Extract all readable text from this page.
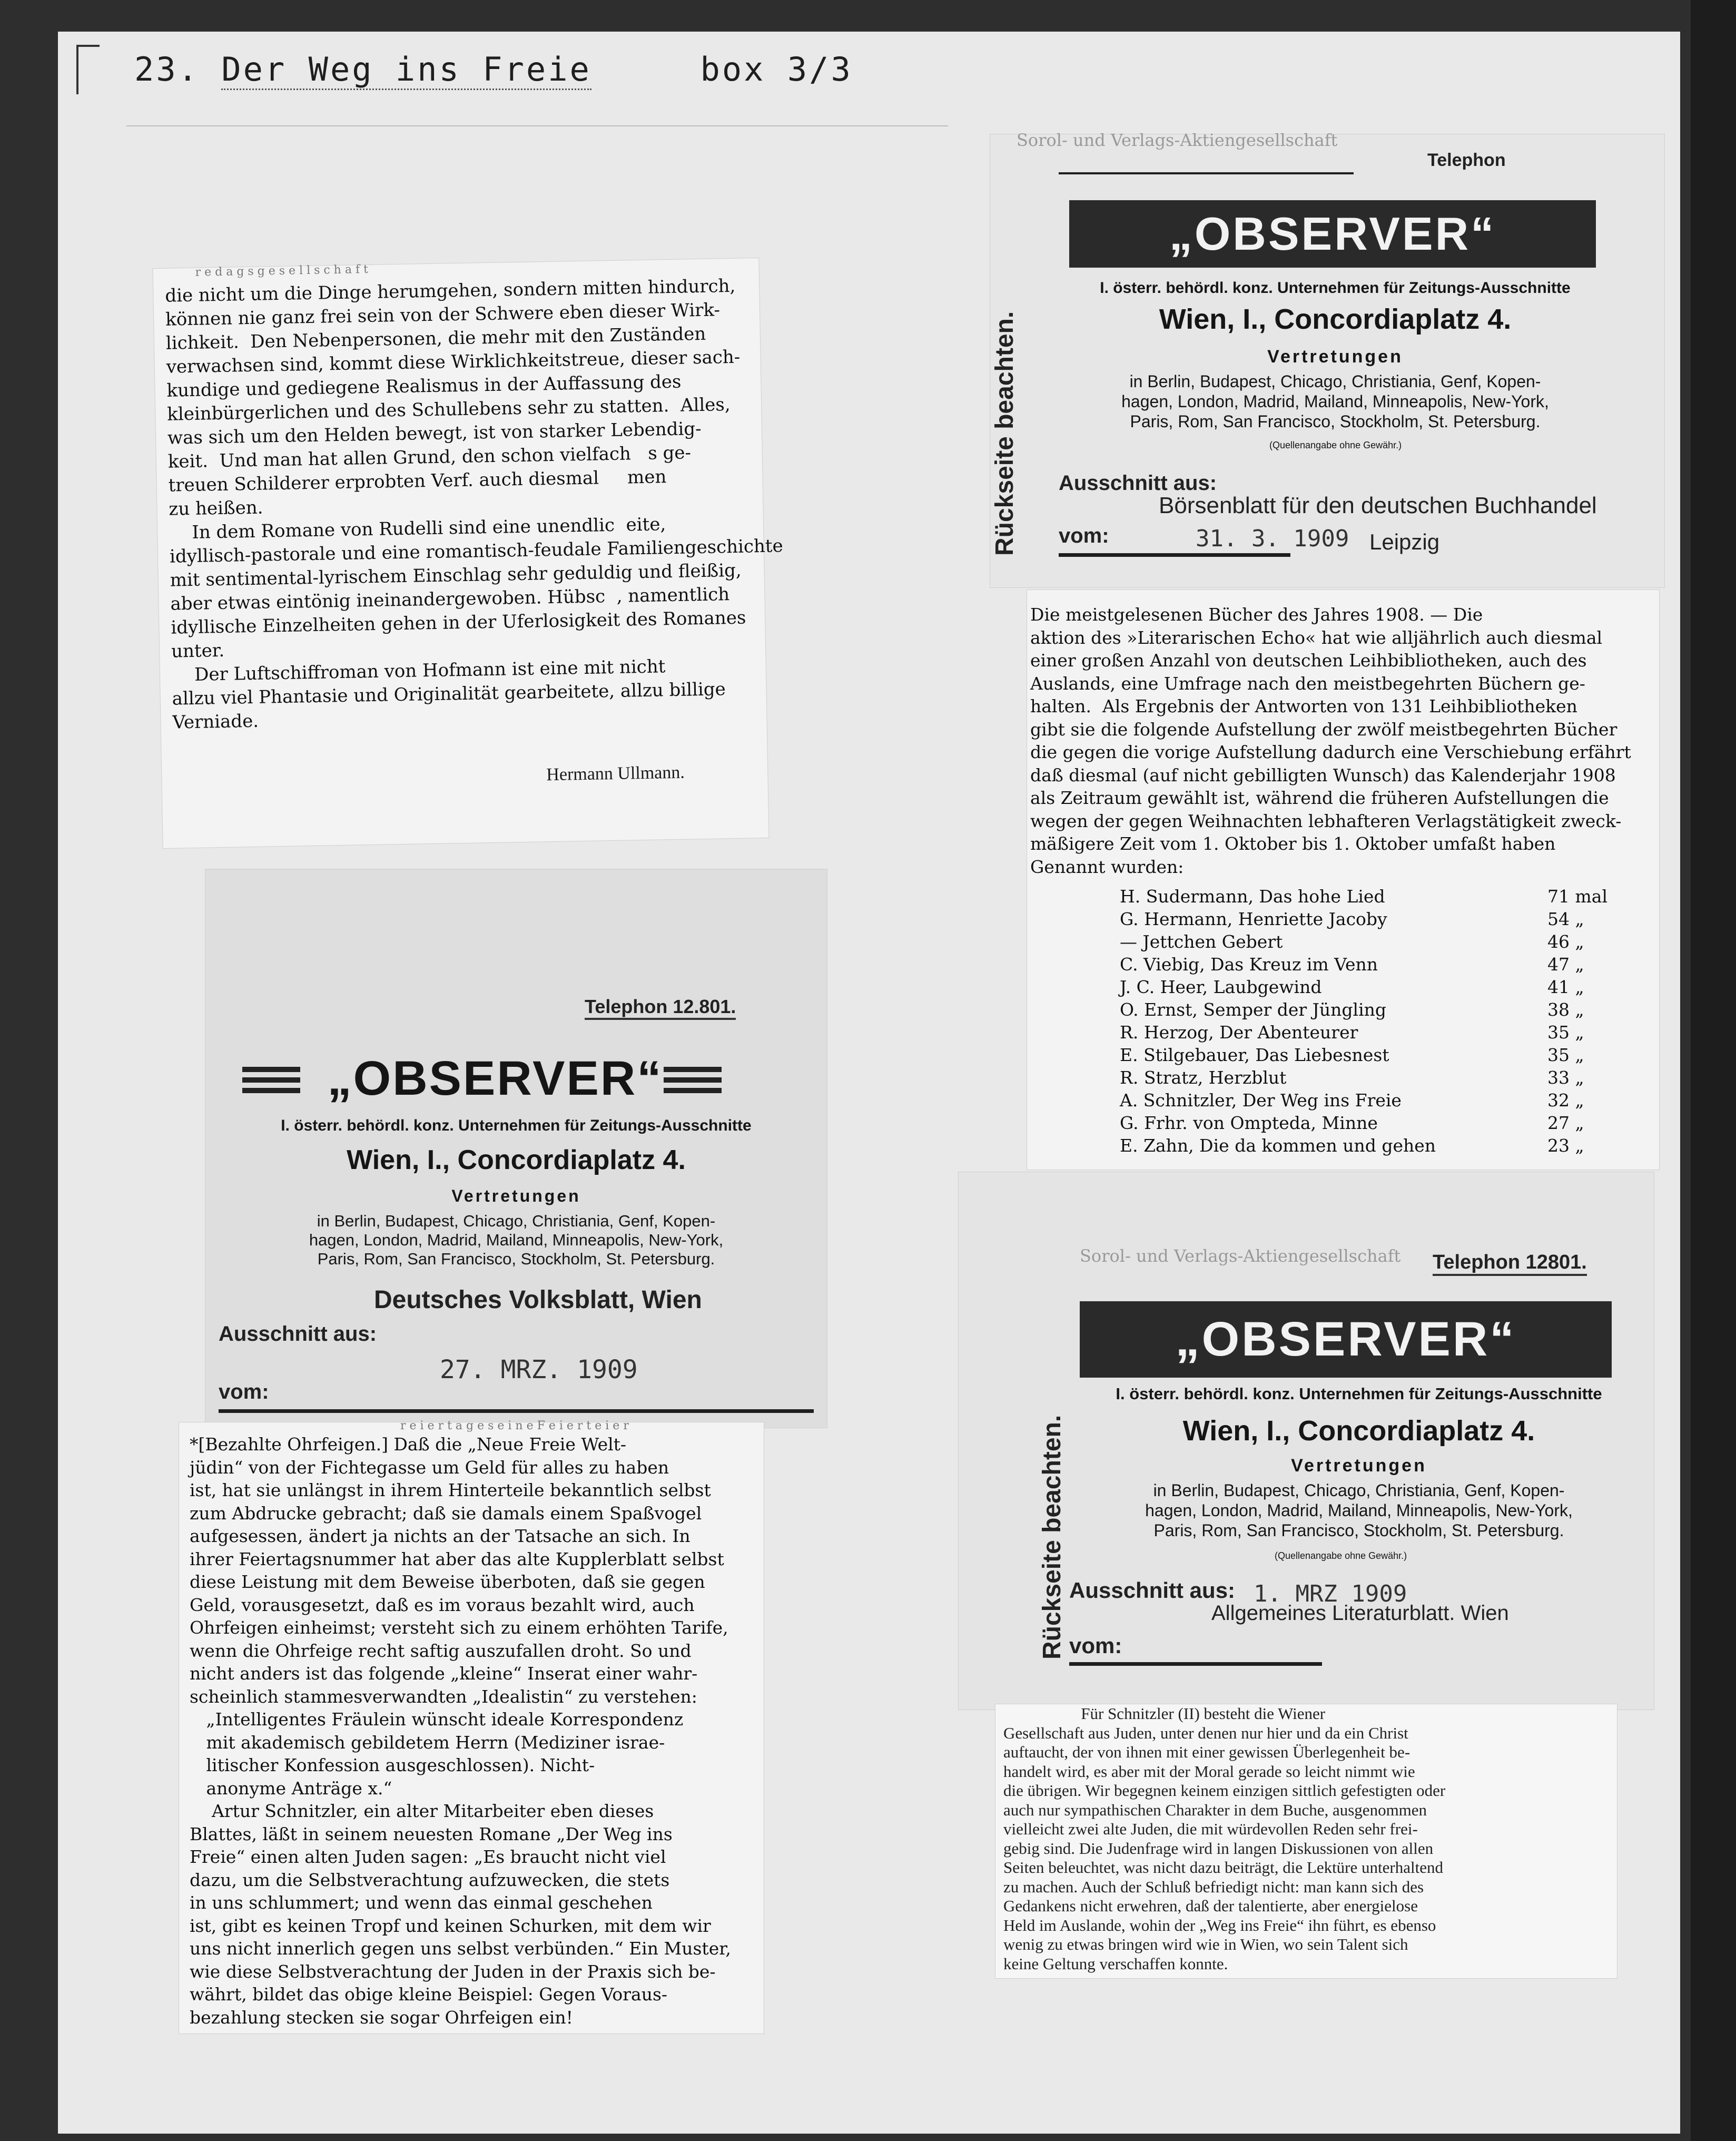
23. Der Weg ins Freie	box 3/3
r e d a g s g e s e l l s c h a f t
die nicht um die Dinge herumgehen, sondern mitten hindurch,
können nie ganz frei sein von der Schwere eben dieser Wirk-
lichkeit.  Den Nebenpersonen, die mehr mit den Zuständen
verwachsen sind, kommt diese Wirklichkeitstreue, dieser sach-
kundige und gediegene Realismus in der Auffassung des
kleinbürgerlichen und des Schullebens sehr zu statten.  Alles,
was sich um den Helden bewegt, ist von starker Lebendig-
keit.  Und man hat allen Grund, den schon vielfach   s ge-
treuen Schilderer erprobten Verf. auch diesmal     men
zu heißen.
In dem Romane von Rudelli sind eine unendlic  eite,
idyllisch-pastorale und eine romantisch-feudale Familiengeschichte
mit sentimental-lyrischem Einschlag sehr geduldig und fleißig,
aber etwas eintönig ineinandergewoben. Hübsc  , namentlich
idyllische Einzelheiten gehen in der Uferlosigkeit des Romanes
unter.
Der Luftschiffroman von Hofmann ist eine mit nicht
allzu viel Phantasie und Originalität gearbeitete, allzu billige
Verniade.
Hermann Ullmann.
Telephon 12.801.
„OBSERVER“
I. österr. behördl. konz. Unternehmen für Zeitungs-Ausschnitte
Wien, I., Concordiaplatz 4.
Vertretungen
in Berlin, Budapest, Chicago, Christiania, Genf, Kopen-
hagen, London, Madrid, Mailand, Minneapolis, New-York,
Paris, Rom, San Francisco, Stockholm, St. Petersburg.
Deutsches Volksblatt, Wien
Ausschnitt aus:
27. MRZ. 1909
vom:
r e i e r t a g e s e i n e F e i e r t e i e r
*[Bezahlte Ohrfeigen.] Daß die „Neue Freie Welt-
jüdin“ von der Fichtegasse um Geld für alles zu haben
ist, hat sie unlängst in ihrem Hinterteile bekanntlich selbst
zum Abdrucke gebracht; daß sie damals einem Spaßvogel
aufgesessen, ändert ja nichts an der Tatsache an sich. In
ihrer Feiertagsnummer hat aber das alte Kupplerblatt selbst
diese Leistung mit dem Beweise überboten, daß sie gegen
Geld, vorausgesetzt, daß es im voraus bezahlt wird, auch
Ohrfeigen einheimst; versteht sich zu einem erhöhten Tarife,
wenn die Ohrfeige recht saftig auszufallen droht. So und
nicht anders ist das folgende „kleine“ Inserat einer wahr-
scheinlich stammesverwandten „Idealistin“ zu verstehen:
„Intelligentes Fräulein wünscht ideale Korrespondenz
mit akademisch gebildetem Herrn (Mediziner israe-
litischer Konfession ausgeschlossen). Nicht-
anonyme Anträge x.“
Artur Schnitzler, ein alter Mitarbeiter eben dieses
Blattes, läßt in seinem neuesten Romane „Der Weg ins
Freie“ einen alten Juden sagen: „Es braucht nicht viel
dazu, um die Selbstverachtung aufzuwecken, die stets
in uns schlummert; und wenn das einmal geschehen
ist, gibt es keinen Tropf und keinen Schurken, mit dem wir
uns nicht innerlich gegen uns selbst verbünden.“ Ein Muster,
wie diese Selbstverachtung der Juden in der Praxis sich be-
währt, bildet das obige kleine Beispiel: Gegen Voraus-
bezahlung stecken sie sogar Ohrfeigen ein!
Sorol- und Verlags-Aktiengesellschaft
Telephon
Rückseite beachten.
„OBSERVER“
I. österr. behördl. konz. Unternehmen für Zeitungs-Ausschnitte
Wien, I., Concordiaplatz 4.
Vertretungen
in Berlin, Budapest, Chicago, Christiania, Genf, Kopen-
hagen, London, Madrid, Mailand, Minneapolis, New-York,
Paris, Rom, San Francisco, Stockholm, St. Petersburg.
(Quellenangabe ohne Gewähr.)
Ausschnitt aus:
Börsenblatt für den deutschen Buchhandel
vom:	31. 3. 1909 Leipzig
Die meistgelesenen Bücher des Jahres 1908. — Die
aktion des »Literarischen Echo« hat wie alljährlich auch diesmal
einer großen Anzahl von deutschen Leihbibliotheken, auch des
Auslands, eine Umfrage nach den meistbegehrten Büchern ge-
halten.  Als Ergebnis der Antworten von 131 Leihbibliotheken
gibt sie die folgende Aufstellung der zwölf meistbegehrten Bücher
die gegen die vorige Aufstellung dadurch eine Verschiebung erfährt
daß diesmal (auf nicht gebilligten Wunsch) das Kalenderjahr 1908
als Zeitraum gewählt ist, während die früheren Aufstellungen die
wegen der gegen Weihnachten lebhafteren Verlagstätigkeit zweck-
mäßigere Zeit vom 1. Oktober bis 1. Oktober umfaßt haben
Genannt wurden:
H. Sudermann, Das hohe Lied	71 mal
G. Hermann, Henriette Jacoby	54 „
— Jettchen Gebert	46 „
C. Viebig, Das Kreuz im Venn	47 „
J. C. Heer, Laubgewind	41 „
O. Ernst, Semper der Jüngling	38 „
R. Herzog, Der Abenteurer	35 „
E. Stilgebauer, Das Liebesnest	35 „
R. Stratz, Herzblut	33 „
A. Schnitzler, Der Weg ins Freie	32 „
G. Frhr. von Ompteda, Minne	27 „
E. Zahn, Die da kommen und gehen	23 „
Sorol- und Verlags-Aktiengesellschaft Telephon 12801.
Rückseite beachten.
„OBSERVER“
I. österr. behördl. konz. Unternehmen für Zeitungs-Ausschnitte
Wien, I., Concordiaplatz 4.
Vertretungen
in Berlin, Budapest, Chicago, Christiania, Genf, Kopen-
hagen, London, Madrid, Mailand, Minneapolis, New-York,
Paris, Rom, San Francisco, Stockholm, St. Petersburg.
(Quellenangabe ohne Gewähr.)
Ausschnitt aus: 1. MRZ 1909
Allgemeines Literaturblatt. Wien
vom:
Für Schnitzler (II) besteht die Wiener
Gesellschaft aus Juden, unter denen nur hier und da ein Christ
auftaucht, der von ihnen mit einer gewissen Überlegenheit be-
handelt wird, es aber mit der Moral gerade so leicht nimmt wie
die übrigen. Wir begegnen keinem einzigen sittlich gefestigten oder
auch nur sympathischen Charakter in dem Buche, ausgenommen
vielleicht zwei alte Juden, die mit würdevollen Reden sehr frei-
gebig sind. Die Judenfrage wird in langen Diskussionen von allen
Seiten beleuchtet, was nicht dazu beiträgt, die Lektüre unterhaltend
zu machen. Auch der Schluß befriedigt nicht: man kann sich des
Gedankens nicht erwehren, daß der talentierte, aber energielose
Held im Auslande, wohin der „Weg ins Freie“ ihn führt, es ebenso
wenig zu etwas bringen wird wie in Wien, wo sein Talent sich
keine Geltung verschaffen konnte.
